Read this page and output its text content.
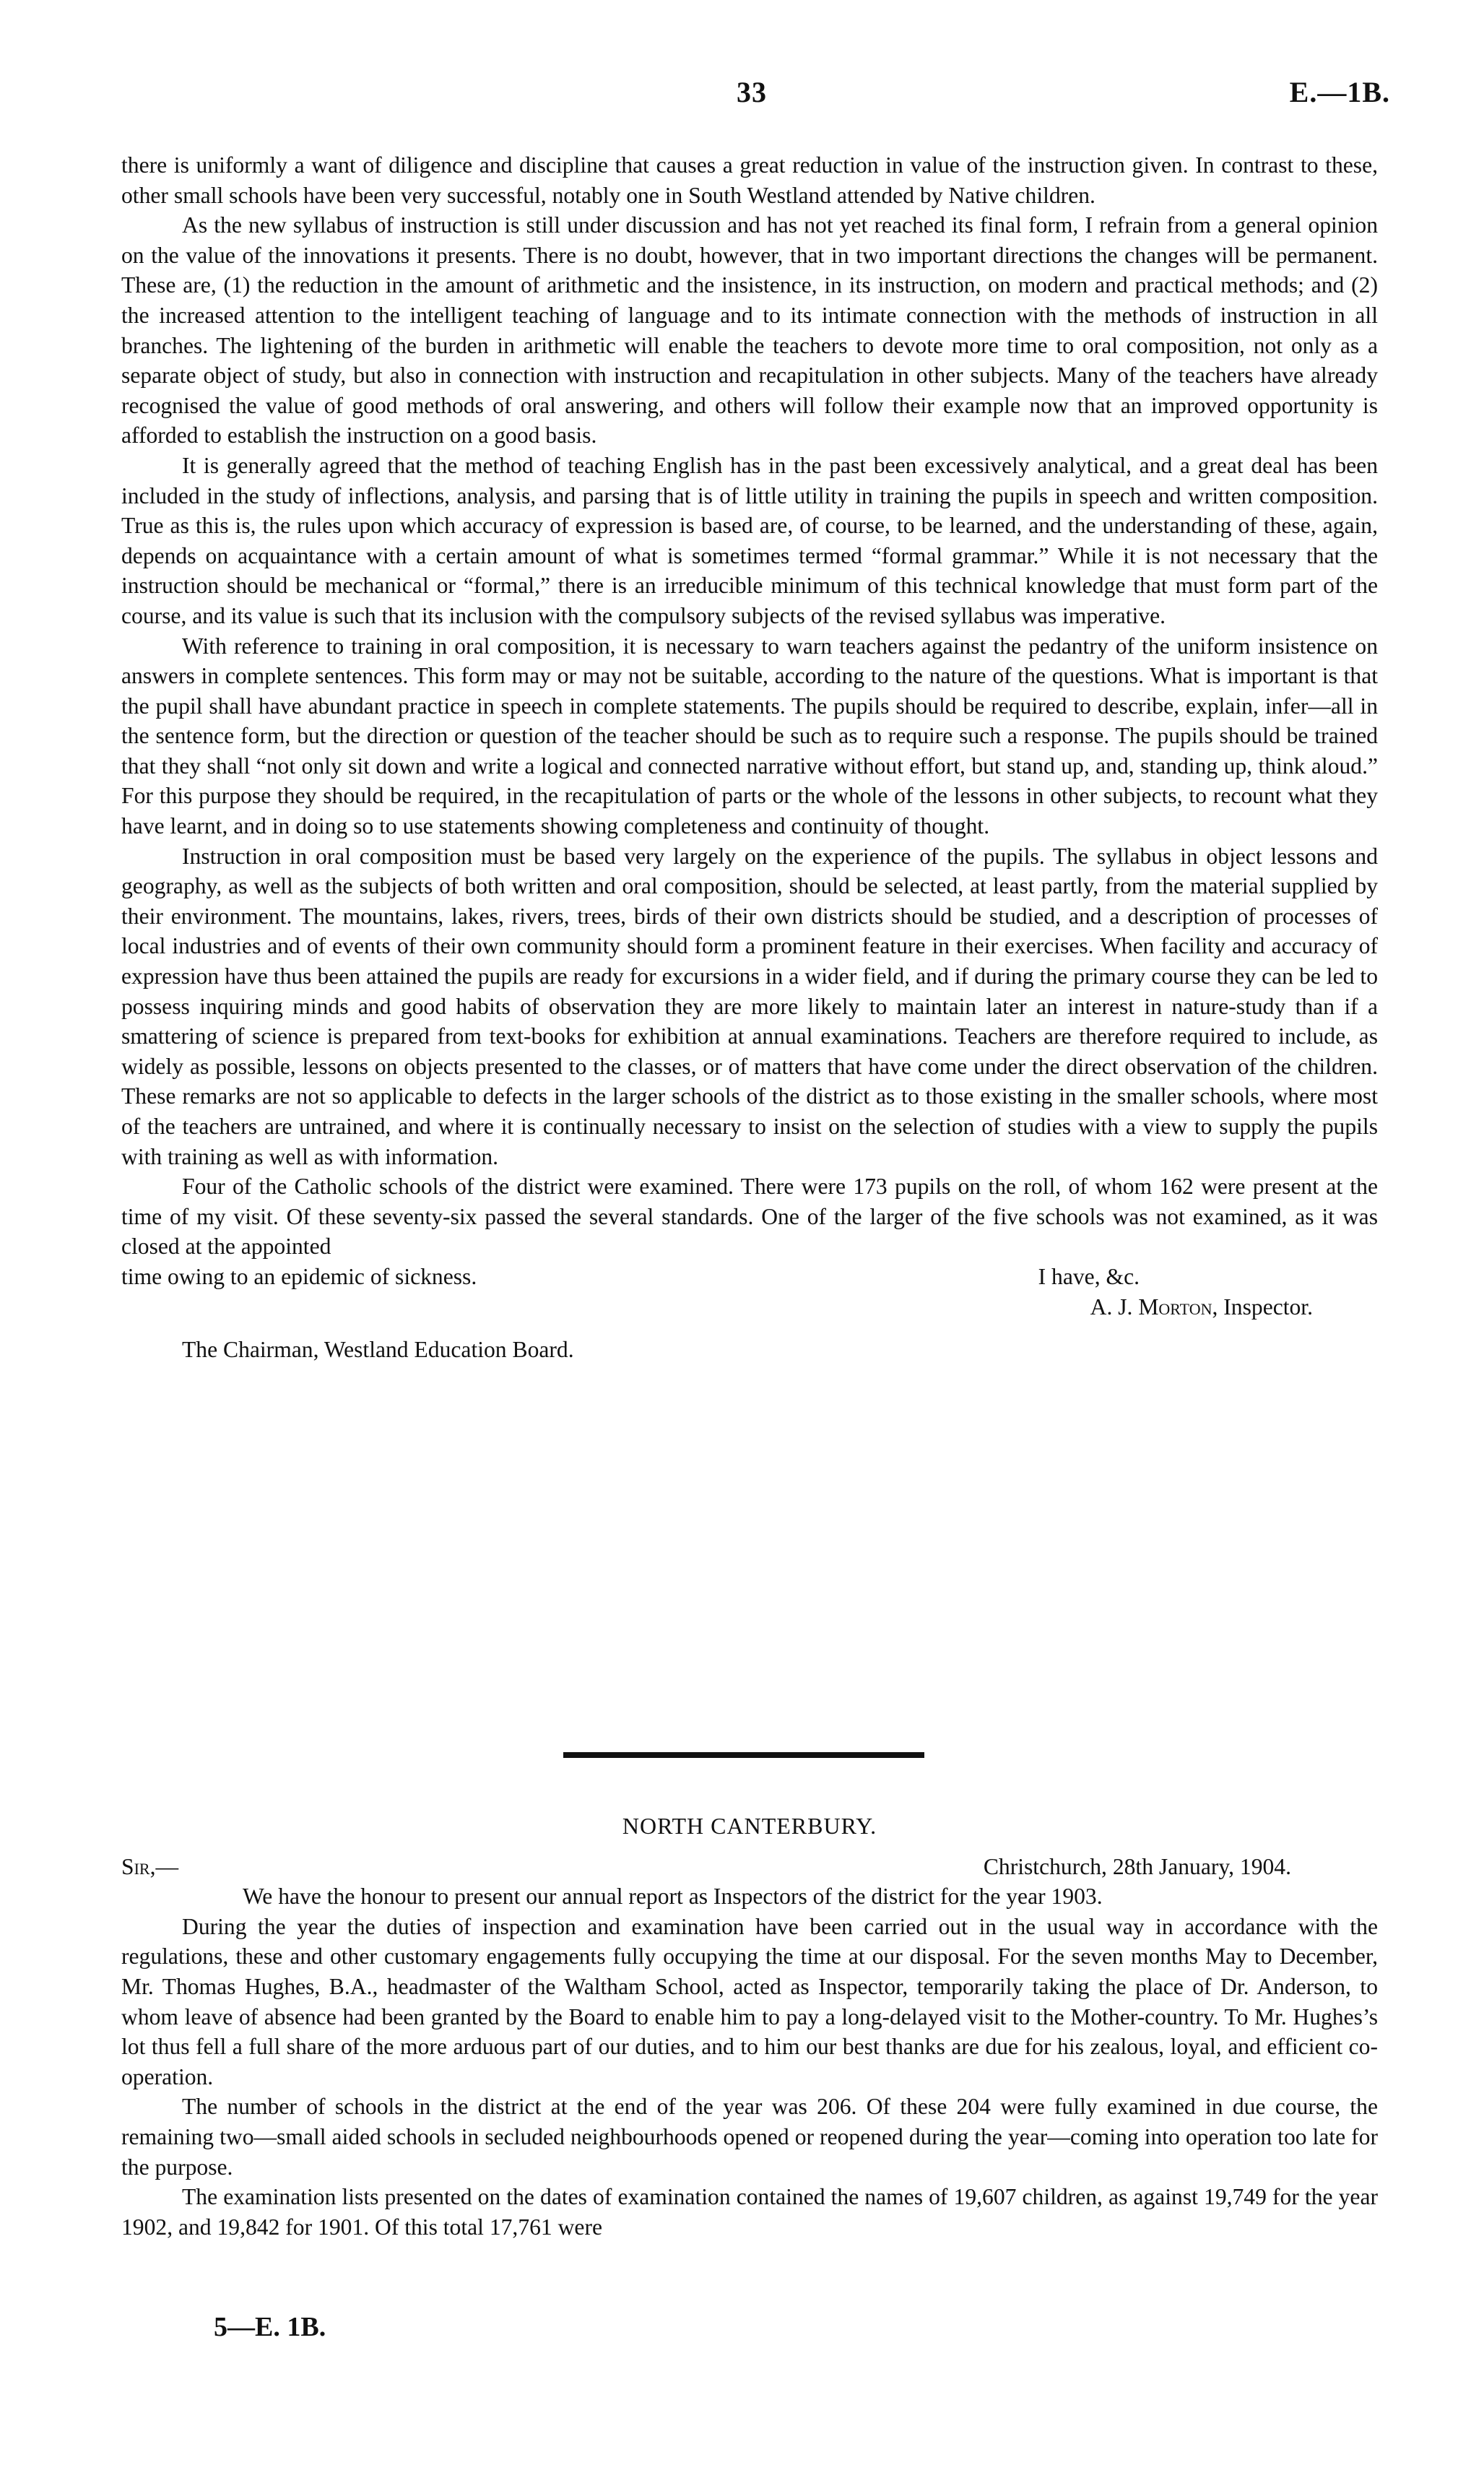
33	E.—1B.

there is uniformly a want of diligence and discipline that causes a great reduction in value of the instruction given. In contrast to these, other small schools have been very successful, notably one in South Westland attended by Native children.

As the new syllabus of instruction is still under discussion and has not yet reached its final form, I refrain from a general opinion on the value of the innovations it presents. There is no doubt, however, that in two important directions the changes will be permanent. These are, (1) the reduction in the amount of arithmetic and the insistence, in its instruction, on modern and practical methods; and (2) the increased attention to the intelligent teaching of language and to its intimate connection with the methods of instruction in all branches. The lightening of the burden in arithmetic will enable the teachers to devote more time to oral composition, not only as a separate object of study, but also in connection with instruction and recapitulation in other subjects. Many of the teachers have already recognised the value of good methods of oral answering, and others will follow their example now that an improved opportunity is afforded to establish the instruction on a good basis.

It is generally agreed that the method of teaching English has in the past been excessively analytical, and a great deal has been included in the study of inflections, analysis, and parsing that is of little utility in training the pupils in speech and written composition. True as this is, the rules upon which accuracy of expression is based are, of course, to be learned, and the understanding of these, again, depends on acquaintance with a certain amount of what is sometimes termed “formal grammar.” While it is not necessary that the instruction should be mechanical or “formal,” there is an irreducible minimum of this technical knowledge that must form part of the course, and its value is such that its inclusion with the compulsory subjects of the revised syllabus was imperative.

With reference to training in oral composition, it is necessary to warn teachers against the pedantry of the uniform insistence on answers in complete sentences. This form may or may not be suitable, according to the nature of the questions. What is important is that the pupil shall have abundant practice in speech in complete statements. The pupils should be required to describe, explain, infer—all in the sentence form, but the direction or question of the teacher should be such as to require such a response. The pupils should be trained that they shall “not only sit down and write a logical and connected narrative without effort, but stand up, and, standing up, think aloud.” For this purpose they should be required, in the recapitulation of parts or the whole of the lessons in other subjects, to recount what they have learnt, and in doing so to use statements showing completeness and continuity of thought.

Instruction in oral composition must be based very largely on the experience of the pupils. The syllabus in object lessons and geography, as well as the subjects of both written and oral composition, should be selected, at least partly, from the material supplied by their environment. The mountains, lakes, rivers, trees, birds of their own districts should be studied, and a description of processes of local industries and of events of their own community should form a prominent feature in their exercises. When facility and accuracy of expression have thus been attained the pupils are ready for excursions in a wider field, and if during the primary course they can be led to possess inquiring minds and good habits of observation they are more likely to maintain later an interest in nature-study than if a smattering of science is prepared from text-books for exhibition at annual examinations. Teachers are therefore required to include, as widely as possible, lessons on objects presented to the classes, or of matters that have come under the direct observation of the children. These remarks are not so applicable to defects in the larger schools of the district as to those existing in the smaller schools, where most of the teachers are untrained, and where it is continually necessary to insist on the selection of studies with a view to supply the pupils with training as well as with information.

Four of the Catholic schools of the district were examined. There were 173 pupils on the roll, of whom 162 were present at the time of my visit. Of these seventy-six passed the several standards. One of the larger of the five schools was not examined, as it was closed at the appointed

time owing to an epidemic of sickness.	I have, &c.
A. J. Morton, Inspector.

The Chairman, Westland Education Board.

NORTH CANTERBURY.
Sir,—	Christchurch, 28th January, 1904.

We have the honour to present our annual report as Inspectors of the district for the year 1903.

During the year the duties of inspection and examination have been carried out in the usual way in accordance with the regulations, these and other customary engagements fully occupying the time at our disposal. For the seven months May to December, Mr. Thomas Hughes, B.A., headmaster of the Waltham School, acted as Inspector, temporarily taking the place of Dr. Anderson, to whom leave of absence had been granted by the Board to enable him to pay a long-delayed visit to the Mother-country. To Mr. Hughes’s lot thus fell a full share of the more arduous part of our duties, and to him our best thanks are due for his zealous, loyal, and efficient co-operation.

The number of schools in the district at the end of the year was 206. Of these 204 were fully examined in due course, the remaining two—small aided schools in secluded neighbourhoods opened or reopened during the year—coming into operation too late for the purpose.

The examination lists presented on the dates of examination contained the names of 19,607 children, as against 19,749 for the year 1902, and 19,842 for 1901. Of this total 17,761 were

5—E. 1B.
